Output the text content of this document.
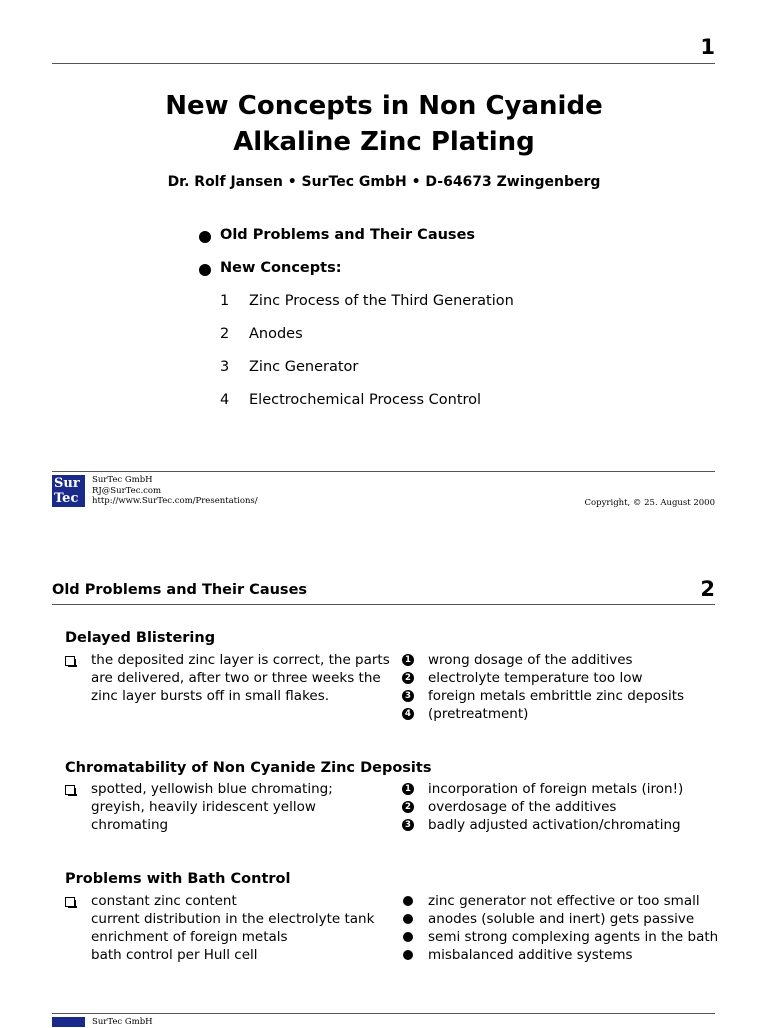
1
New Concepts in Non Cyanide
Alkaline Zinc Plating
Dr. Rolf Jansen • SurTec GmbH • D-64673 Zwingenberg
Old Problems and Their Causes
New Concepts:
1 Zinc Process of the Third Generation
2 Anodes
3 Zinc Generator
4 Electrochemical Process Control
Sur
Tec
SurTec GmbH
RJ@SurTec.com
http://www.SurTec.com/Presentations/	Copyright, © 25. August 2000
Old Problems and Their Causes	2
Delayed Blistering
the deposited zinc layer is correct, the parts
are delivered, after two or three weeks the
zinc layer bursts off in small flakes.
1 wrong dosage of the additives
2 electrolyte temperature too low
3 foreign metals embrittle zinc deposits
4 (pretreatment)
Chromatability of Non Cyanide Zinc Deposits
spotted, yellowish blue chromating;
greyish, heavily iridescent yellow
chromating
1 incorporation of foreign metals (iron!)
2 overdosage of the additives
3 badly adjusted activation/chromating
Problems with Bath Control
constant zinc content
current distribution in the electrolyte tank
enrichment of foreign metals
bath control per Hull cell
zinc generator not effective or too small
anodes (soluble and inert) gets passive
semi strong complexing agents in the bath
misbalanced additive systems
SurTec GmbH
